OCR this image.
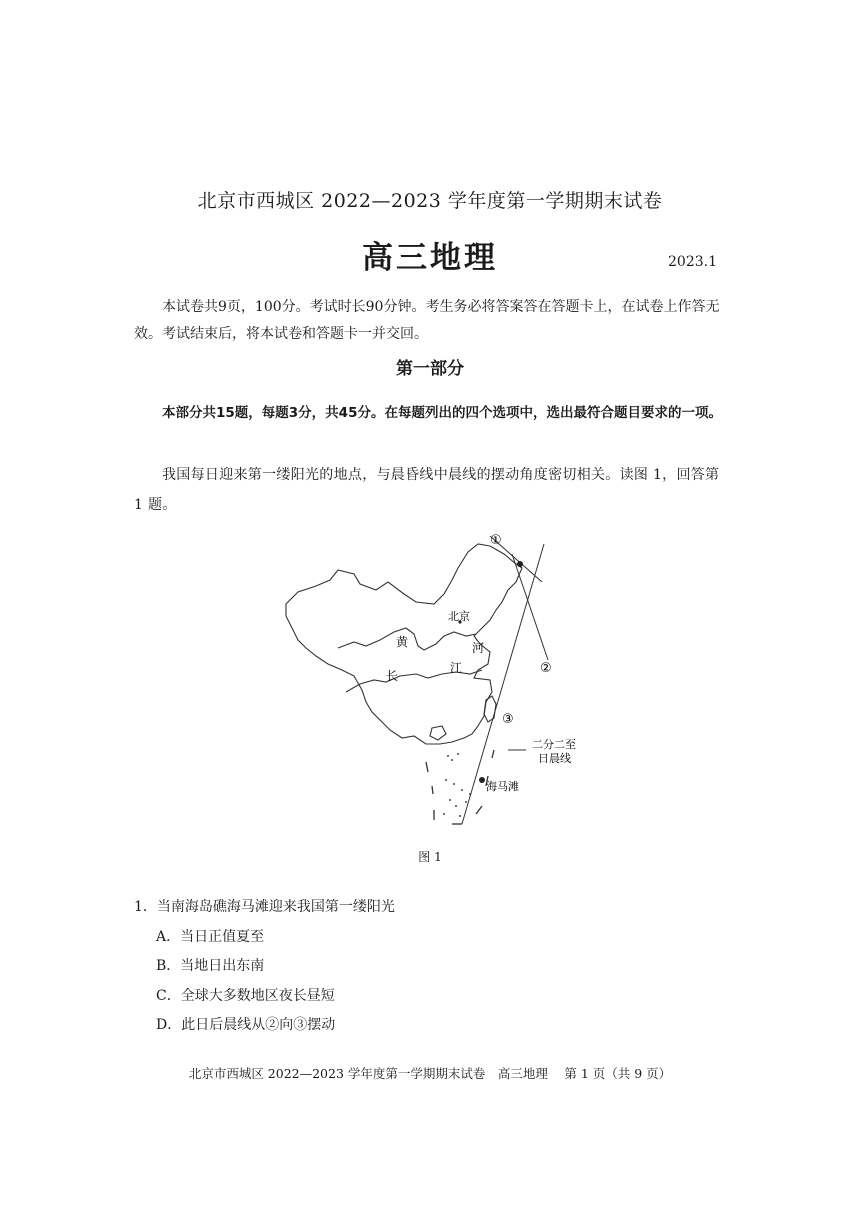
北京市西城区 2022—2023 学年度第一学期期末试卷
高三地理	2023.1
本试卷共9页，100分。考试时长90分钟。考生务必将答案答在答题卡上，在试卷上作答无效。考试结束后，将本试卷和答题卡一并交回。
第一部分
本部分共15题，每题3分，共45分。在每题列出的四个选项中，选出最符合题目要求的一项。
我国每日迎来第一缕阳光的地点，与晨昏线中晨线的摆动角度密切相关。读图 1，回答第 1 题。
①
②
③
北京
黄	河
长
江
海马滩
二分二至
日晨线
图 1
1．当南海岛礁海马滩迎来我国第一缕阳光
A．当日正值夏至
B．当地日出东南
C．全球大多数地区夜长昼短
D．此日后晨线从②向③摆动
北京市西城区 2022—2023 学年度第一学期期末试卷　高三地理　 第 1 页（共 9 页）
